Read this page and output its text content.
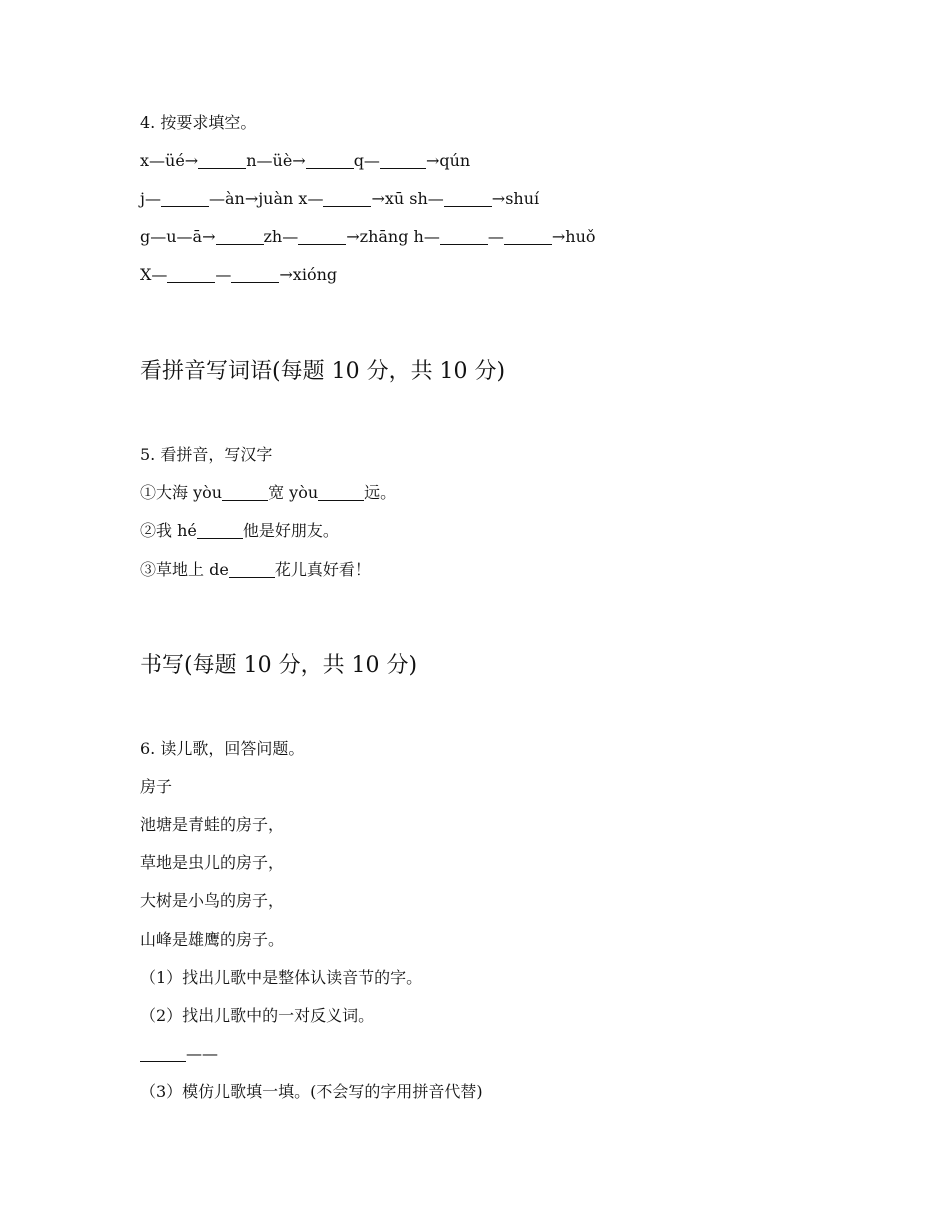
4. 按要求填空。
x—üé→	n—üè→	q—	→qún
j—	—àn→juàn x—	→xū sh—	→shuí
g—u—ā→	zh—	→zhāng h—	—	→huǒ
X—	—	→xióng
看拼音写词语(每题 10 分，共 10 分)
5. 看拼音，写汉字
①大海 yòu	宽 yòu	远。
②我 hé	他是好朋友。
③草地上 de	花儿真好看！
书写(每题 10 分，共 10 分)
6. 读儿歌，回答问题。
房子
池塘是青蛙的房子，
草地是虫儿的房子，
大树是小鸟的房子，
山峰是雄鹰的房子。
（1）找出儿歌中是整体认读音节的字。
（2）找出儿歌中的一对反义词。
——
（3）模仿儿歌填一填。(不会写的字用拼音代替)
